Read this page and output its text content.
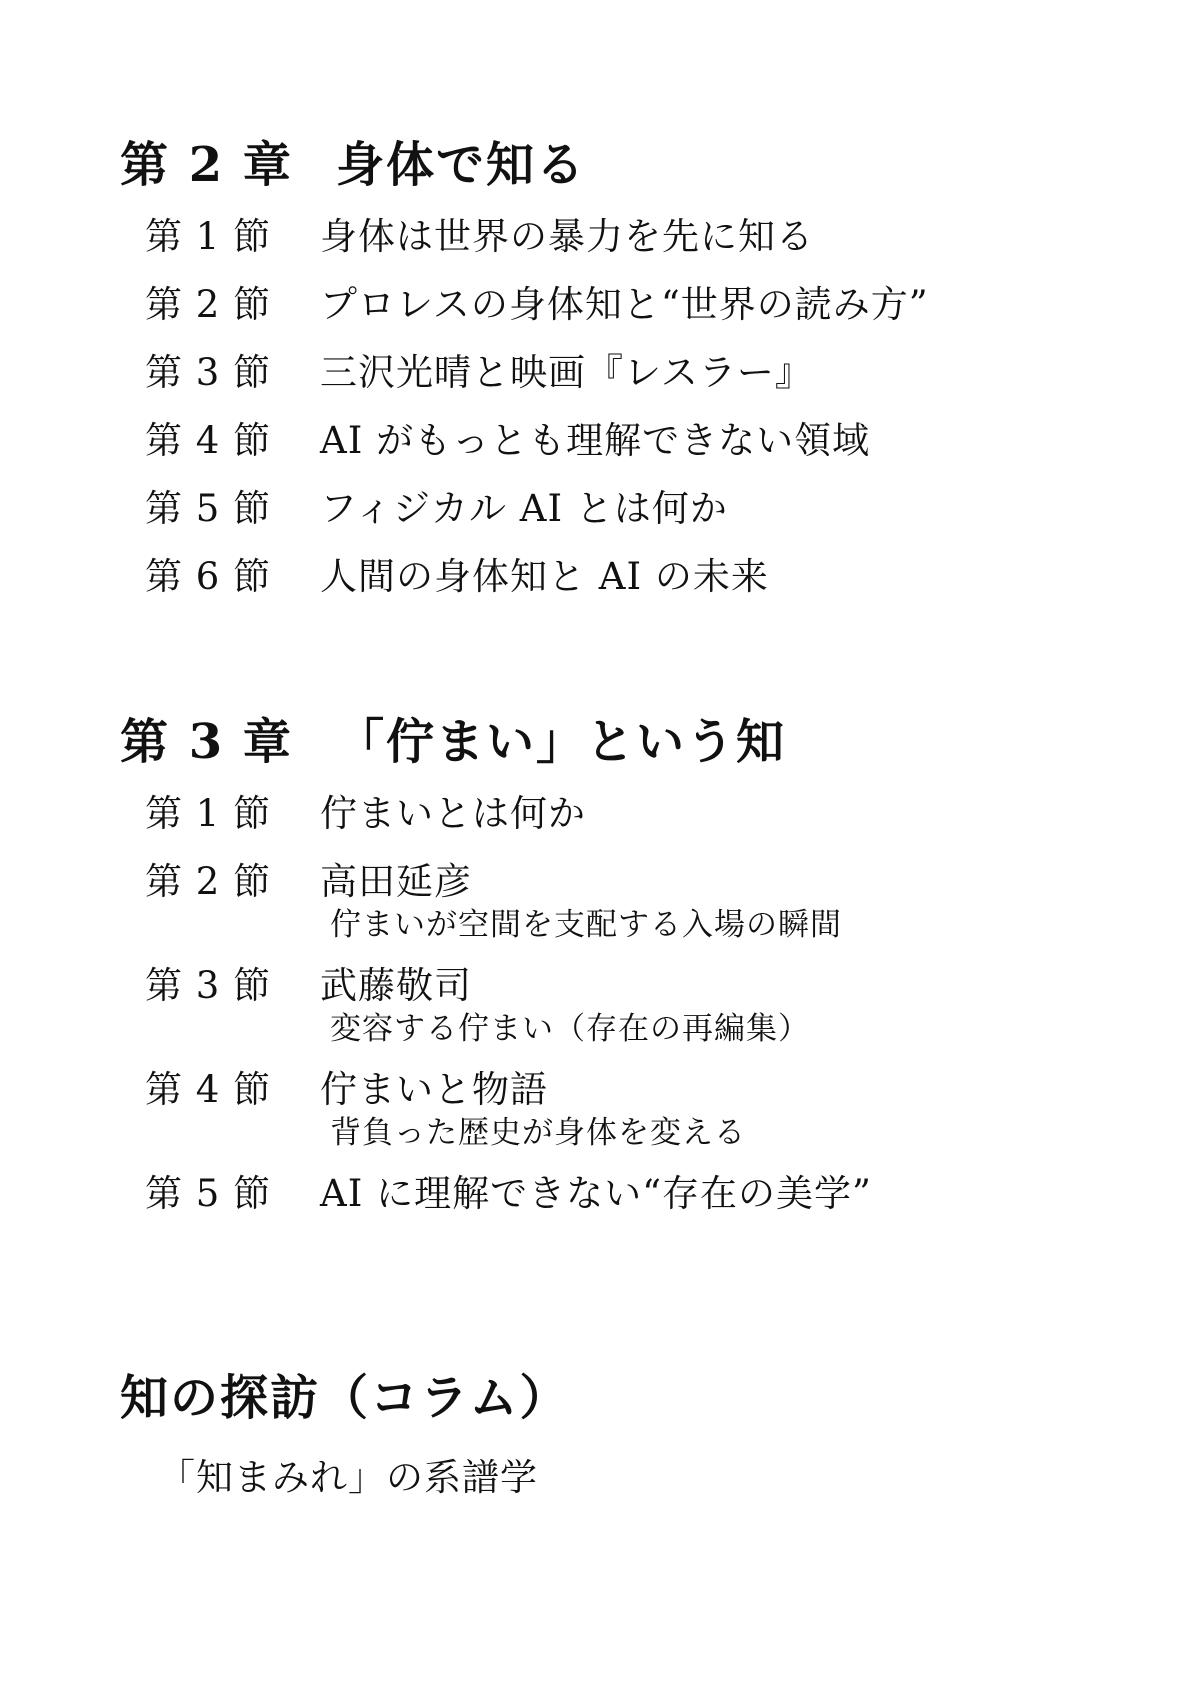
第 2 章 身体で知る
第 1 節	身体は世界の暴力を先に知る
第 2 節	プロレスの身体知と“世界の読み方”
第 3 節	三沢光晴と映画『レスラー』
第 4 節	AI がもっとも理解できない領域
第 5 節	フィジカル AI とは何か
第 6 節	人間の身体知と AI の未来
第 3 章 「佇まい」という知
第 1 節	佇まいとは何か
第 2 節	高田延彦
佇まいが空間を支配する入場の瞬間
第 3 節	武藤敬司
変容する佇まい（存在の再編集）
第 4 節	佇まいと物語
背負った歴史が身体を変える
第 5 節	AI に理解できない“存在の美学”
知の探訪（コラム）
「知まみれ」の系譜学
